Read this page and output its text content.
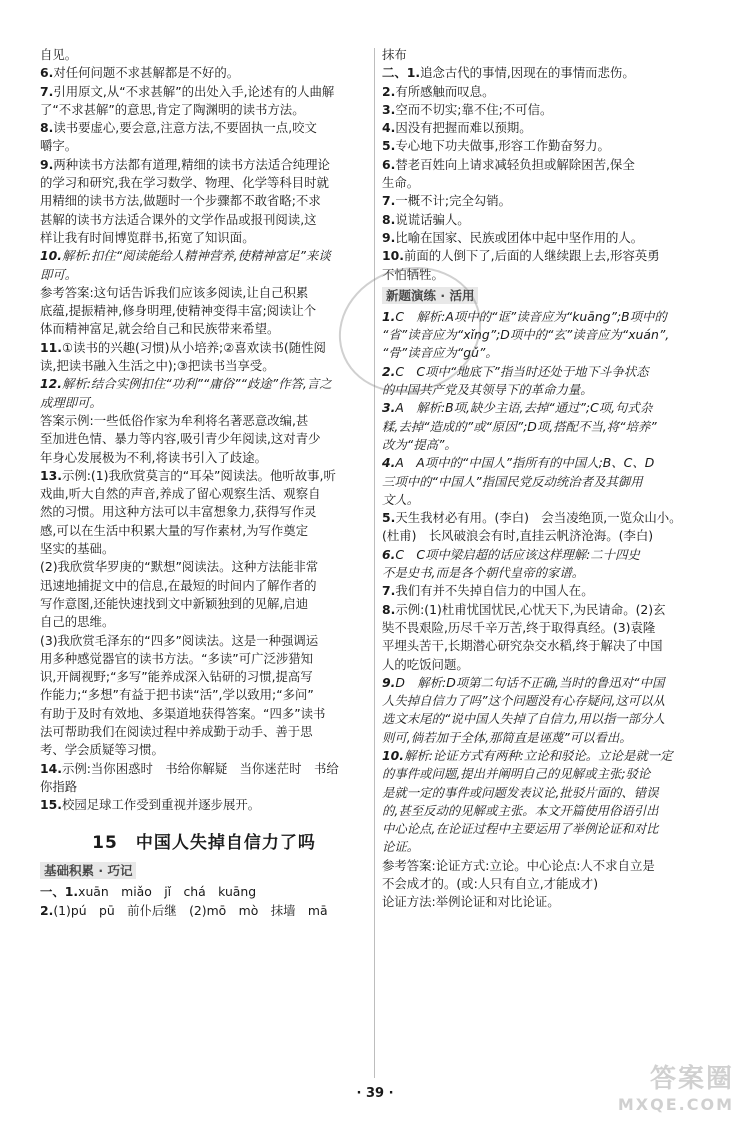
自见。
6.对任何问题不求甚解都是不好的。
7.引用原文,从“不求甚解”的出处入手,论述有的人曲解
了“不求甚解”的意思,肯定了陶渊明的读书方法。
8.读书要虚心,要会意,注意方法,不要固执一点,咬文
嚼字。
9.两种读书方法都有道理,精细的读书方法适合纯理论
的学习和研究,我在学习数学、物理、化学等科目时就
用精细的读书方法,做题时一个步骤都不敢省略;不求
甚解的读书方法适合课外的文学作品或报刊阅读,这
样让我有时间博览群书,拓宽了知识面。
10.解析:扣住“阅读能给人精神营养,使精神富足”来谈
即可。
参考答案:这句话告诉我们应该多阅读,让自己积累
底蕴,提振精神,修身明理,使精神变得丰富;阅读让个
体而精神富足,就会给自己和民族带来希望。
11.①读书的兴趣(习惯)从小培养;②喜欢读书(随性阅
读,把读书融入生活之中);③把读书当享受。
12.解析:结合实例扣住“功利”“庸俗”“歧途”作答,言之
成理即可。
答案示例:一些低俗作家为牟利将名著恶意改编,甚
至加进色情、暴力等内容,吸引青少年阅读,这对青少
年身心发展极为不利,将读书引入了歧途。
13.示例:(1)我欣赏莫言的“耳朵”阅读法。他听故事,听
戏曲,听大自然的声音,养成了留心观察生活、观察自
然的习惯。用这种方法可以丰富想象力,获得写作灵
感,可以在生活中积累大量的写作素材,为写作奠定
坚实的基础。
(2)我欣赏华罗庚的“默想”阅读法。这种方法能非常
迅速地捕捉文中的信息,在最短的时间内了解作者的
写作意图,还能快速找到文中新颖独到的见解,启迪
自己的思维。
(3)我欣赏毛泽东的“四多”阅读法。这是一种强调运
用多种感觉器官的读书方法。“多读”可广泛涉猎知
识,开阔视野;“多写”能养成深入钻研的习惯,提高写
作能力;“多想”有益于把书读“活”,学以致用;“多问”
有助于及时有效地、多渠道地获得答案。“四多”读书
法可帮助我们在阅读过程中养成勤于动手、善于思
考、学会质疑等习惯。
14.示例:当你困惑时　书给你解疑　当你迷茫时　书给
你指路
15.校园足球工作受到重视并逐步展开。
15　中国人失掉自信力了吗
基础积累 · 巧记
一、1.xuān　miǎo　jǐ　chá　kuāng
2.(1)pú　pū　前仆后继　(2)mō　mò　抹墙　mā
抹布
二、1.追念古代的事情,因现在的事情而悲伤。
2.有所感触而叹息。
3.空而不切实;靠不住;不可信。
4.因没有把握而难以预期。
5.专心地下功夫做事,形容工作勤奋努力。
6.替老百姓向上请求减轻负担或解除困苦,保全
生命。
7.一概不计;完全勾销。
8.说谎话骗人。
9.比喻在国家、民族或团体中起中坚作用的人。
10.前面的人倒下了,后面的人继续跟上去,形容英勇
不怕牺牲。
新题演练 · 活用
1.C　解析:A项中的“诓”读音应为“kuāng”;B项中的
“省”读音应为“xǐng”;D项中的“玄”读音应为“xuán”,
“骨”读音应为“gǔ”。
2.C　C项中“地底下”指当时还处于地下斗争状态
的中国共产党及其领导下的革命力量。
3.A　解析:B项,缺少主语,去掉“通过”;C项,句式杂
糅,去掉“造成的”或“原因”;D项,搭配不当,将“培养”
改为“提高”。
4.A　A项中的“中国人”指所有的中国人;B、C、D
三项中的“中国人”指国民党反动统治者及其御用
文人。
5.天生我材必有用。(李白)　会当凌绝顶,一览众山小。
(杜甫)　长风破浪会有时,直挂云帆济沧海。(李白)
6.C　C项中梁启超的话应该这样理解:二十四史
不是史书,而是各个朝代皇帝的家谱。
7.我们有并不失掉自信力的中国人在。
8.示例:(1)杜甫忧国忧民,心忧天下,为民请命。(2)玄
奘不畏艰险,历尽千辛万苦,终于取得真经。(3)袁隆
平埋头苦干,长期潜心研究杂交水稻,终于解决了中国
人的吃饭问题。
9.D　解析:D项第二句话不正确,当时的鲁迅对“中国
人失掉自信力了吗”这个问题没有心存疑问,这可以从
选文末尾的“说中国人失掉了自信力,用以指一部分人
则可,倘若加于全体,那简直是诬蔑”可以看出。
10.解析:论证方式有两种:立论和驳论。立论是就一定
的事件或问题,提出并阐明自己的见解或主张;驳论
是就一定的事件或问题发表议论,批驳片面的、错误
的,甚至反动的见解或主张。本文开篇使用俗语引出
中心论点,在论证过程中主要运用了举例论证和对比
论证。
参考答案:论证方式:立论。中心论点:人不求自立是
不会成才的。(或:人只有自立,才能成才)
论证方法:举例论证和对比论证。
· 39 ·	答案圈
MXQE.COM
